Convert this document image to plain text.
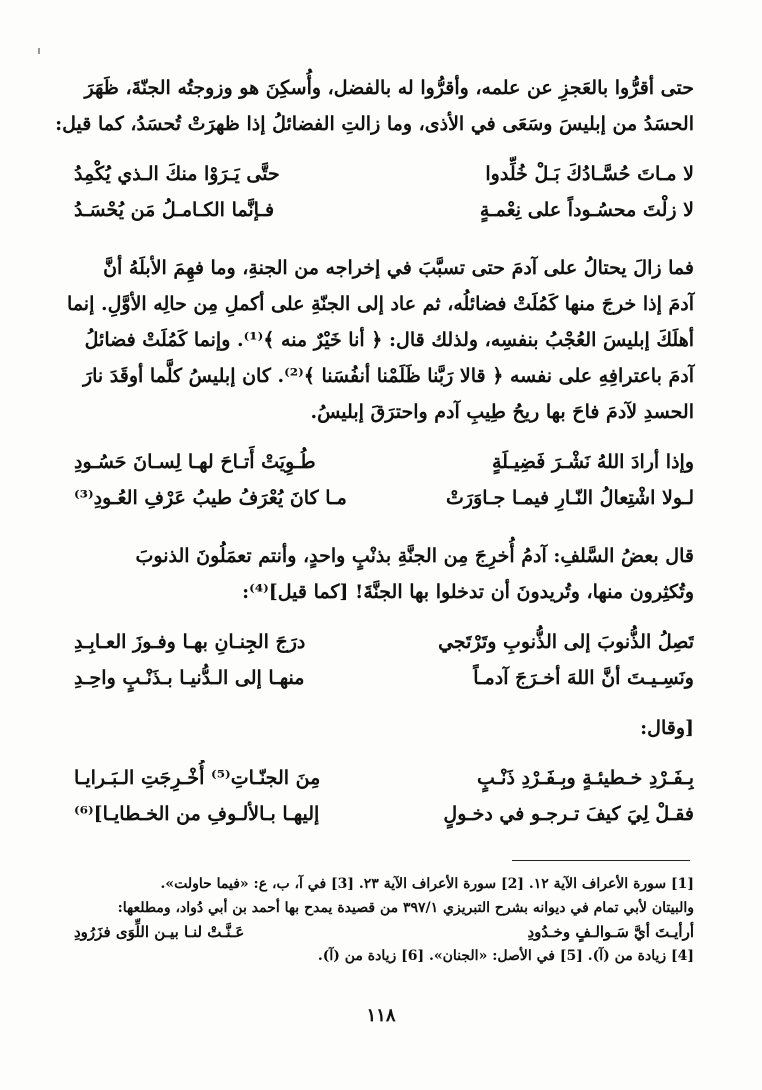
حتى أقرُّوا بالعَجزِ عن علمه، وأقرُّوا له بالفضل، وأُسكِنَ هو وزوجتُه الجنّةَ، ظَهَرَ
الحسَدُ من إبليسَ وسَعَى في الأذى، وما زالتِ الفضائلُ إذا ظهرَتْ تُحسَدُ، كما قيل:
لا مـاتَ حُسَّـادُكَ بَـلْ خُلِّدوا
حتَّى يَـرَوْا منكَ الـذي يُكْمِدُ
لا زلْتَ محسُـوداً على نِعْمـةٍ
فـإنَّما الكـامـلُ مَن يُحْسَـدُ
فما زالَ يحتالُ على آدمَ حتى تسبَّبَ في إخراجه من الجنةِ، وما فهِمَ الأبلَهُ أنَّ
آدمَ إذا خرجَ منها كَمُلَتْ فضائلُه، ثم عاد إلى الجنّةِ على أكملِ مِن حالِه الأوَّلِ. إنما
أهلَكَ إبليسَ العُجْبُ بنفسِه، ولذلك قال: ﴿ أنا خَيْرٌ منه ﴾⁽¹⁾. وإنما كَمُلَتْ فضائلُ
آدمَ باعترافِهِ على نفسه ﴿ قالا رَبَّنا ظَلَمْنا أنفُسَنا ﴾⁽²⁾. كان إبليسُ كلَّما أوقَدَ نارَ
الحسدِ لآدمَ فاحَ بها ريحُ طِيبِ آدم واحترَقَ إبليسُ.
وإذا أرادَ اللهُ نَشْـرَ فَضِيـلَةٍ
طُـوِيَتْ أَتـاحَ لهـا لِسـانَ حَسُـودِ
لـولا اشْتِعالُ النّـارِ فيمـا جـاوَرَتْ
مـا كانَ يُعْرَفُ طيبُ عَرْفِ العُـودِ⁽³⁾
قال بعضُ السَّلفِ: آدمُ أُخرِجَ مِن الجنَّةِ بذنْبٍ واحدٍ، وأنتم تعمَلُونَ الذنوبَ
وتُكثِرون منها، وتُريدونَ أن تدخلوا بها الجنَّةَ! [كما قيل]⁽⁴⁾:
تَصِلُ الذُّنوبَ إلى الذُّنوبِ وتَرْتَجي
درَجَ الجِنـانِ بهـا وفـوزَ العـابِـدِ
ونَسِـيـتَ أنَّ اللهَ أخـرَجَ آدمـاً
منهـا إلى الـدُّنيـا بـذَنْـبٍ واحِـدِ
[وقال:
بِـفَـرْدِ خـطيئـةٍ وبِـفَـرْدِ ذَنْـبٍ
مِنَ الجنّـاتِ⁽⁵⁾ أُخْـرِجَتِ الـبَـرايـا
فقـلْ لِيَ كيفَ تـرجـو في دخـولٍ
إليهـا بـالألـوفِ من الخـطايـا]⁽⁶⁾
[1] سورة الأعراف الآية ١٢. [2] سورة الأعراف الآية ٢٣. [3] في آ، ب، ع: «فيما حاولت».
والبيتان لأبي تمام في ديوانه بشرح التبريزي ٣٩٧/١ من قصيدة يمدح بها أحمد بن أبي دُواد، ومطلعها:
أرأيـتَ أيَّ سَـوالـفٍ وخـدُودِ
عَـنَّـتْ لنـا بيـن اللِّوَى فزَرُودِ
[4] زيادة من (آ). [5] في الأصل: «الجنان». [6] زيادة من (آ).
١١٨
